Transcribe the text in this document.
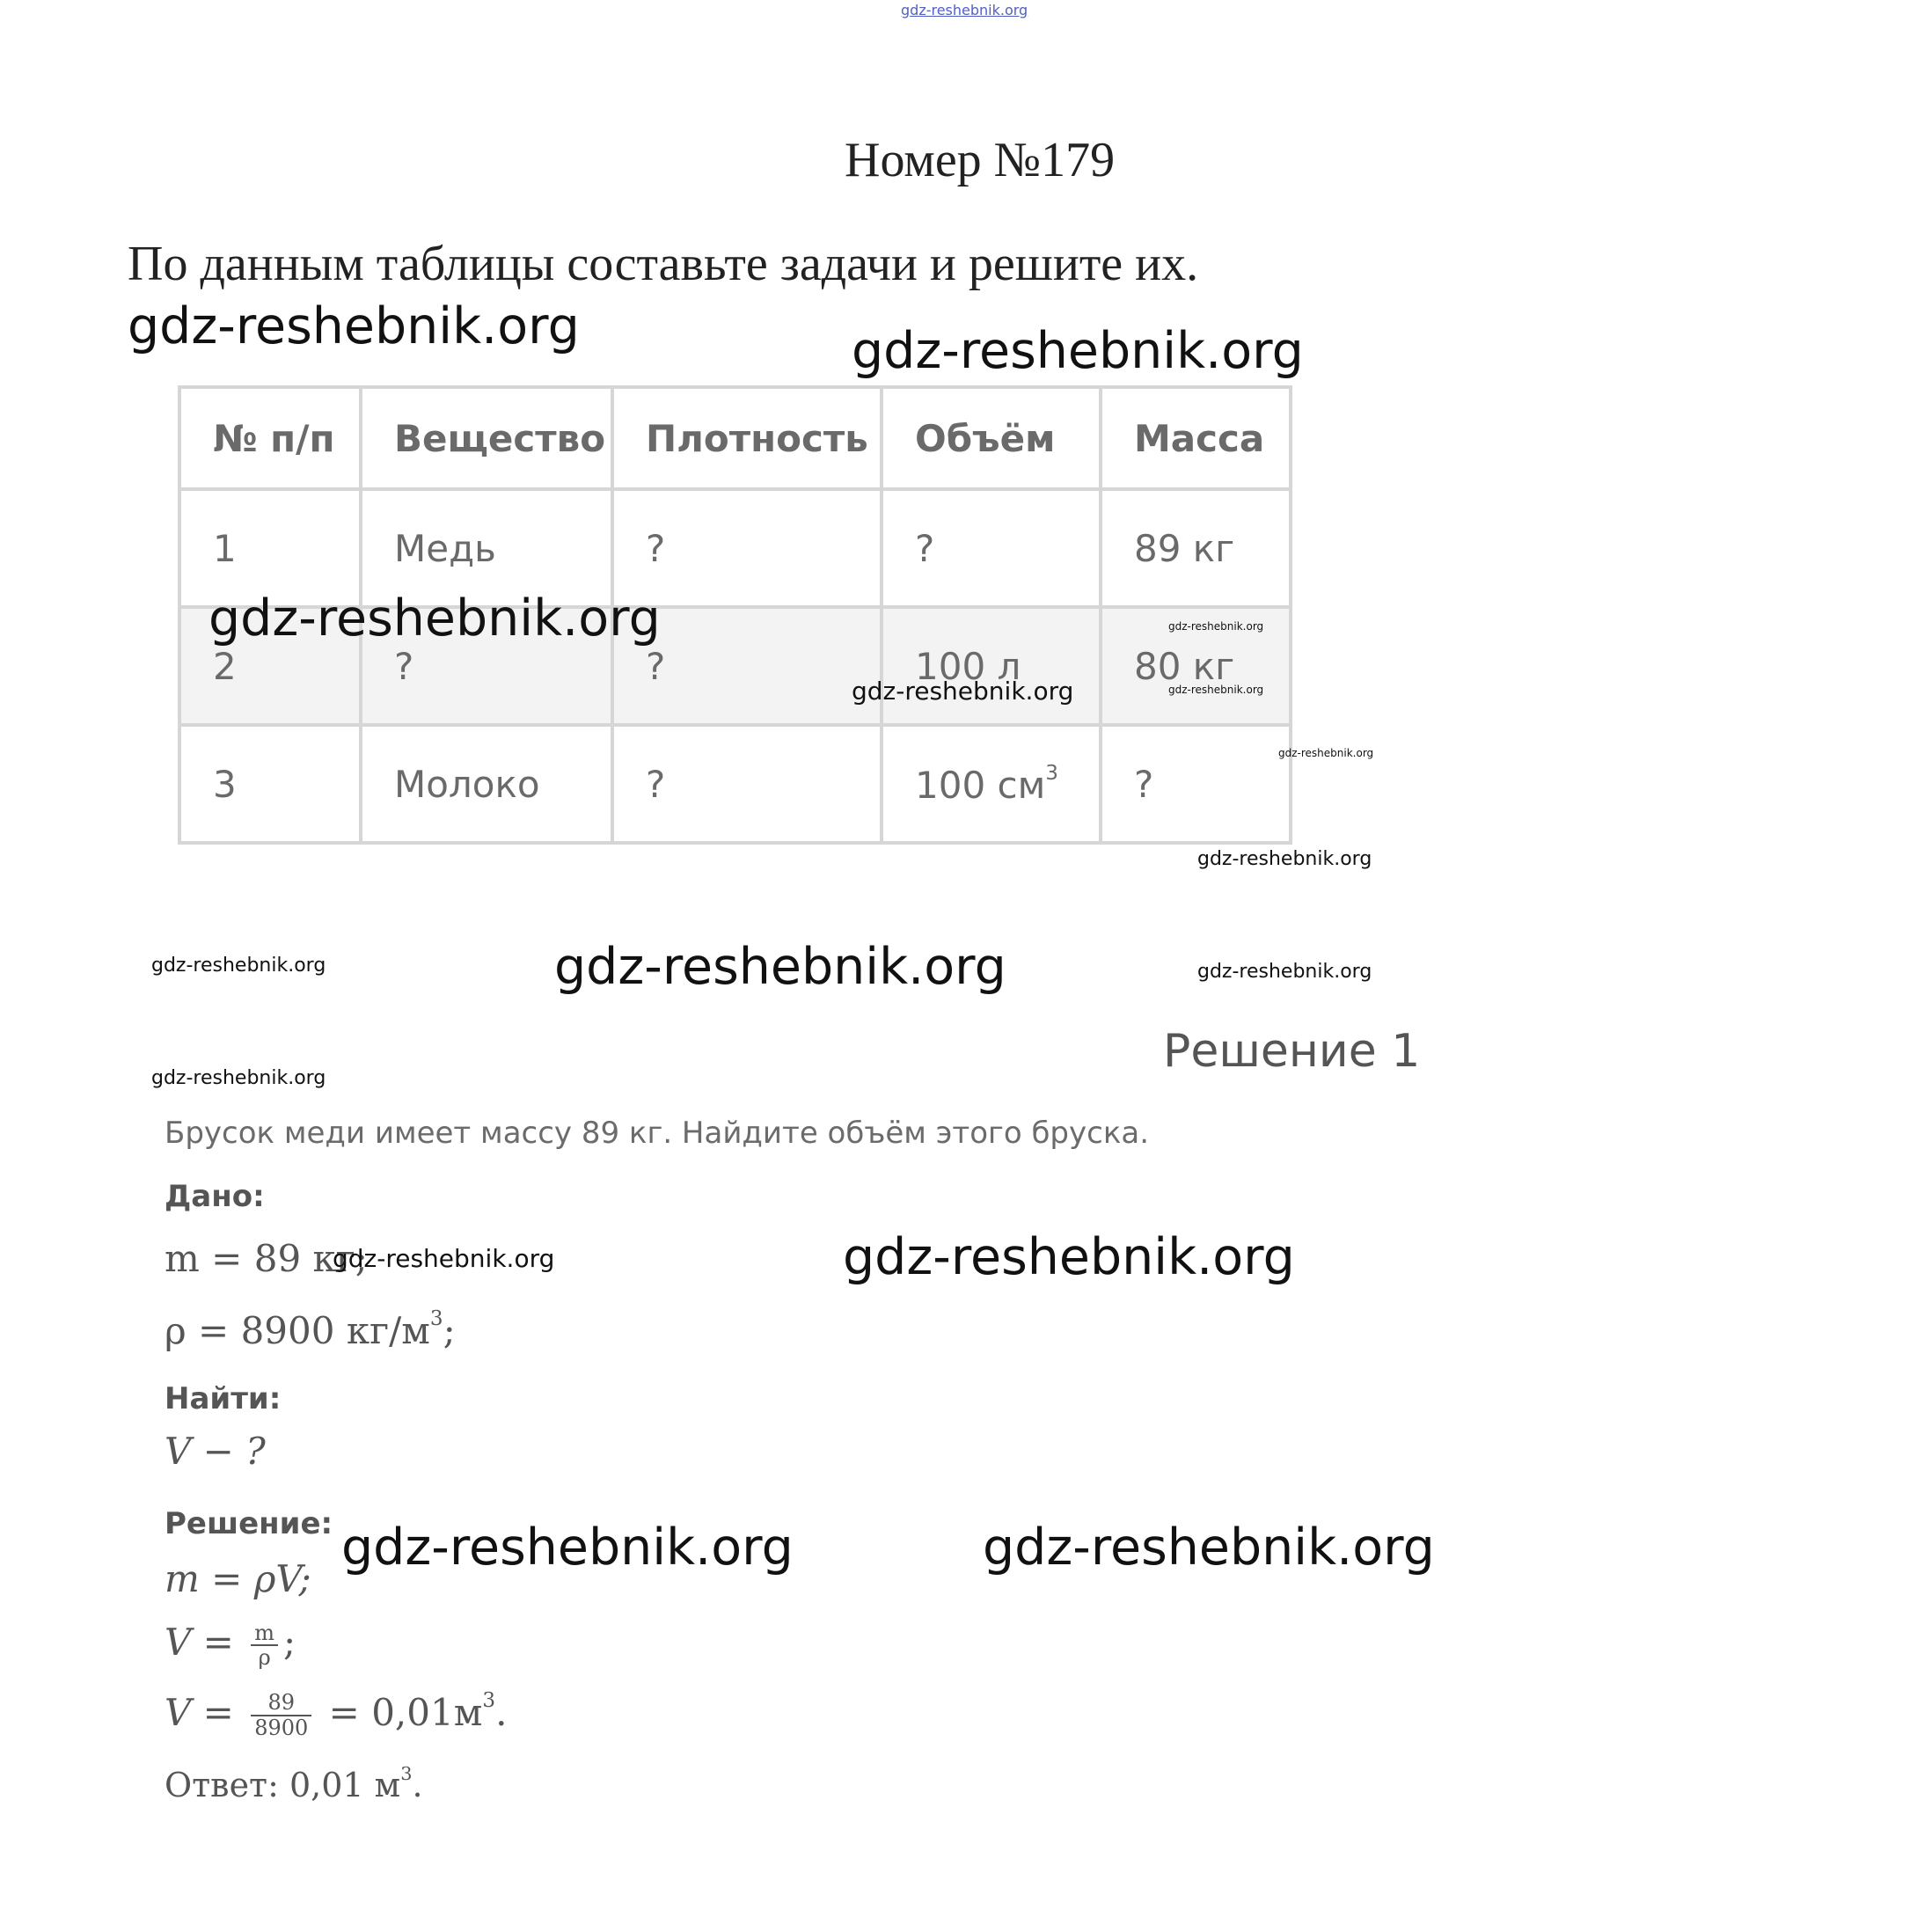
gdz-reshebnik.org
Номер №179
По данным таблицы составьте задачи и решите их.
gdz-reshebnik.org	gdz-reshebnik.org
№ п/п	Вещество	Плотность	Объём	Масса
1	Медь	?	?	89 кг
2	?	?	100 л	80 кг
3	Молоко	?	100 $см^3$	?
gdz-reshebnik.org	gdz-reshebnik.org
gdz-reshebnik.org	gdz-reshebnik.org
gdz-reshebnik.org
gdz-reshebnik.org
gdz-reshebnik.org	gdz-reshebnik.org	gdz-reshebnik.org
Решение 1
gdz-reshebnik.org
Брусок меди имеет массу 89 кг. Найдите объём этого бруска.
Дано:
m = 89 кг;
gdz-reshebnik.org	gdz-reshebnik.org
ρ = 8900 $кг/м^3$;
Найти:
V − ?
Решение: gdz-reshebnik.org	gdz-reshebnik.org
m = ρV;
$V = \frac{m}{\rho}$ ;
$V = \frac{89}{8900} = 0,01м^3$.
Ответ: 0,01 $м^3$.
